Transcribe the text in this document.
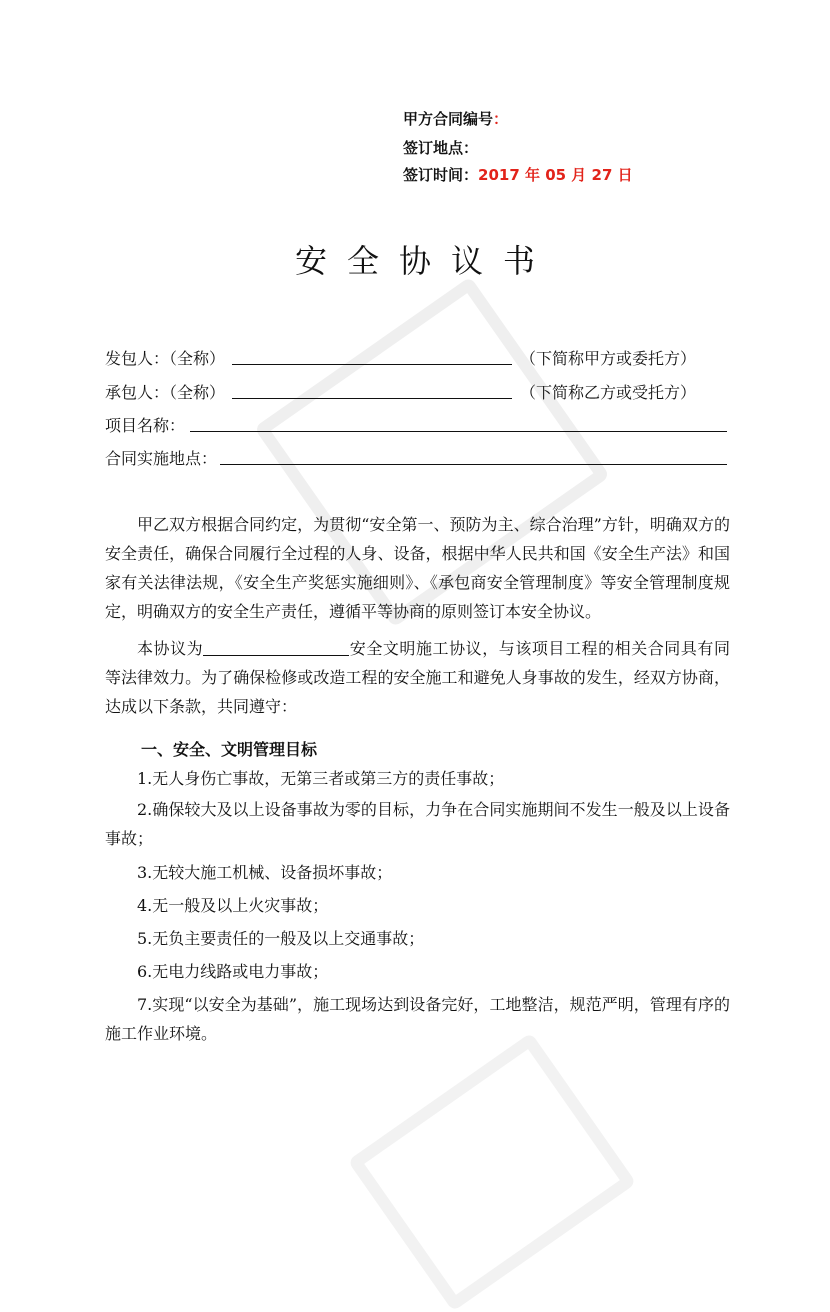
甲方合同编号：
签订地点：
签订时间：2017 年 05 月 27 日
安全协议书
发包人：（全称）	（下简称甲方或委托方）
承包人：（全称）	（下简称乙方或受托方）
项目名称：
合同实施地点：
甲乙双方根据合同约定，为贯彻“安全第一、预防为主、综合治理”方针，明确双方的安全责任，确保合同履行全过程的人身、设备，根据中华人民共和国《安全生产法》和国家有关法律法规，《安全生产奖惩实施细则》、《承包商安全管理制度》等安全管理制度规定，明确双方的安全生产责任，遵循平等协商的原则签订本安全协议。
本协议为	安全文明施工协议，与该项目工程的相关合同具有同等法律效力。为了确保检修或改造工程的安全施工和避免人身事故的发生，经双方协商，达成以下条款，共同遵守：
一、安全、文明管理目标
1.无人身伤亡事故，无第三者或第三方的责任事故；
2.确保较大及以上设备事故为零的目标，力争在合同实施期间不发生一般及以上设备事故；
3.无较大施工机械、设备损坏事故；
4.无一般及以上火灾事故；
5.无负主要责任的一般及以上交通事故；
6.无电力线路或电力事故；
7.实现“以安全为基础”，施工现场达到设备完好，工地整洁，规范严明，管理有序的施工作业环境。
